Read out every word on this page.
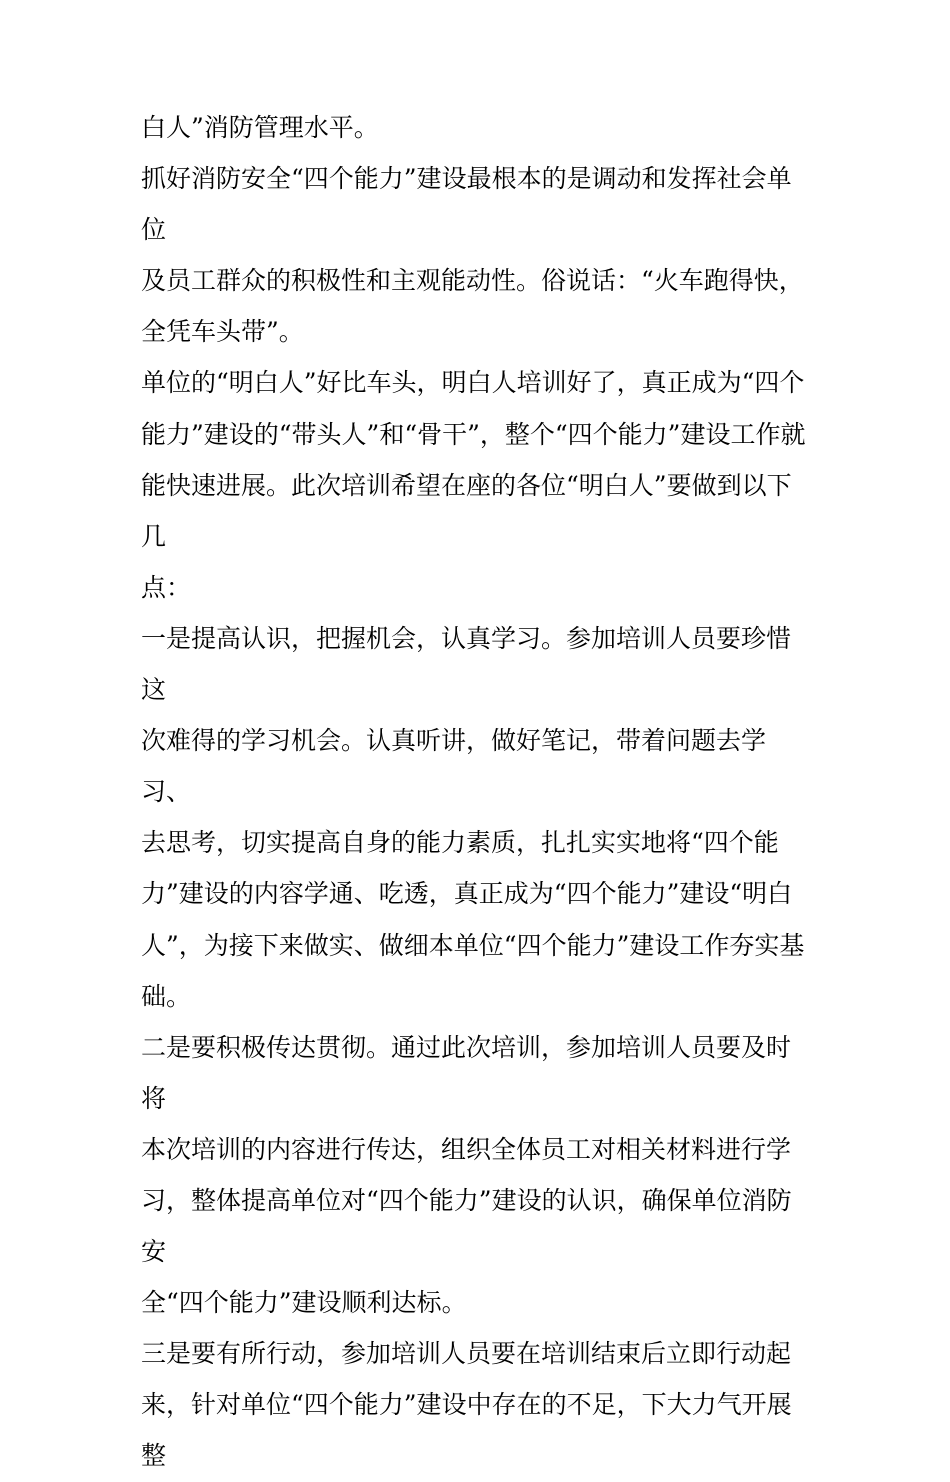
白人”消防管理水平。

抓好消防安全“四个能力”建设最根本的是调动和发挥社会单位
及员工群众的积极性和主观能动性。俗说话：“火车跑得快，
全凭车头带”。

单位的“明白人”好比车头，明白人培训好了，真正成为“四个
能力”建设的“带头人”和“骨干”，整个“四个能力”建设工作就
能快速进展。此次培训希望在座的各位“明白人”要做到以下几
点：

一是提高认识，把握机会，认真学习。参加培训人员要珍惜这
次难得的学习机会。认真听讲，做好笔记，带着问题去学习、
去思考，切实提高自身的能力素质，扎扎实实地将“四个能
力”建设的内容学通、吃透，真正成为“四个能力”建设“明白
人”，为接下来做实、做细本单位“四个能力”建设工作夯实基
础。

二是要积极传达贯彻。通过此次培训，参加培训人员要及时将
本次培训的内容进行传达，组织全体员工对相关材料进行学
习，整体提高单位对“四个能力”建设的认识，确保单位消防安
全“四个能力”建设顺利达标。

三是要有所行动，参加培训人员要在培训结束后立即行动起
来，针对单位“四个能力”建设中存在的不足，下大力气开展整
